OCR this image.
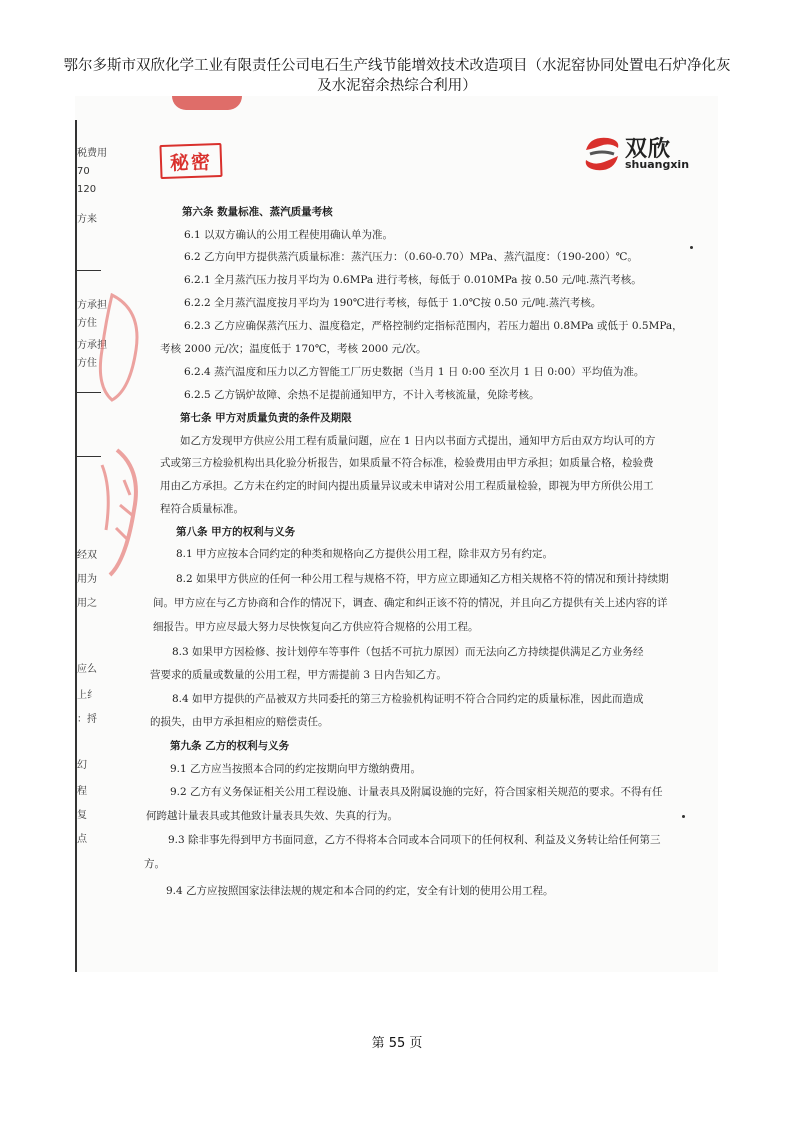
鄂尔多斯市双欣化学工业有限责任公司电石生产线节能增效技术改造项目（水泥窑协同处置电石炉净化灰
及水泥窑余热综合利用）
税费用
70
120
方来
方承担
方住
方承担
方住
经双
用为
用之
应么
上纟
：捋
幻
程
复
点
秘密
双欣
shuangxin
第六条 数量标准、蒸汽质量考核
6.1 以双方确认的公用工程使用确认单为准。
6.2 乙方向甲方提供蒸汽质量标准：蒸汽压力：（0.60-0.70）MPa、蒸汽温度：（190-200）℃。
6.2.1 全月蒸汽压力按月平均为 0.6MPa 进行考核，每低于 0.010MPa 按 0.50 元/吨.蒸汽考核。
6.2.2 全月蒸汽温度按月平均为 190℃进行考核，每低于 1.0℃按 0.50 元/吨.蒸汽考核。
6.2.3 乙方应确保蒸汽压力、温度稳定，严格控制约定指标范围内，若压力超出 0.8MPa 或低于 0.5MPa，
考核 2000 元/次；温度低于 170℃，考核 2000 元/次。
6.2.4 蒸汽温度和压力以乙方智能工厂历史数据（当月 1 日 0:00 至次月 1 日 0:00）平均值为准。
6.2.5 乙方锅炉故障、余热不足提前通知甲方，不计入考核流量，免除考核。
第七条 甲方对质量负责的条件及期限
如乙方发现甲方供应公用工程有质量问题，应在 1 日内以书面方式提出，通知甲方后由双方均认可的方
式或第三方检验机构出具化验分析报告，如果质量不符合标准，检验费用由甲方承担；如质量合格，检验费
用由乙方承担。乙方未在约定的时间内提出质量异议或未申请对公用工程质量检验，即视为甲方所供公用工
程符合质量标准。
第八条 甲方的权利与义务
8.1 甲方应按本合同约定的种类和规格向乙方提供公用工程，除非双方另有约定。
8.2 如果甲方供应的任何一种公用工程与规格不符，甲方应立即通知乙方相关规格不符的情况和预计持续期
间。甲方应在与乙方协商和合作的情况下，调查、确定和纠正该不符的情况，并且向乙方提供有关上述内容的详
细报告。甲方应尽最大努力尽快恢复向乙方供应符合规格的公用工程。
8.3 如果甲方因检修、按计划停车等事件（包括不可抗力原因）而无法向乙方持续提供满足乙方业务经
营要求的质量或数量的公用工程，甲方需提前 3 日内告知乙方。
8.4 如甲方提供的产品被双方共同委托的第三方检验机构证明不符合合同约定的质量标准，因此而造成
的损失，由甲方承担相应的赔偿责任。
第九条 乙方的权利与义务
9.1 乙方应当按照本合同的约定按期向甲方缴纳费用。
9.2 乙方有义务保证相关公用工程设施、计量表具及附属设施的完好，符合国家相关规范的要求。不得有任
何跨越计量表具或其他致计量表具失效、失真的行为。
9.3 除非事先得到甲方书面同意，乙方不得将本合同或本合同项下的任何权利、利益及义务转让给任何第三
方。
9.4 乙方应按照国家法律法规的规定和本合同的约定，安全有计划的使用公用工程。
第 55 页
